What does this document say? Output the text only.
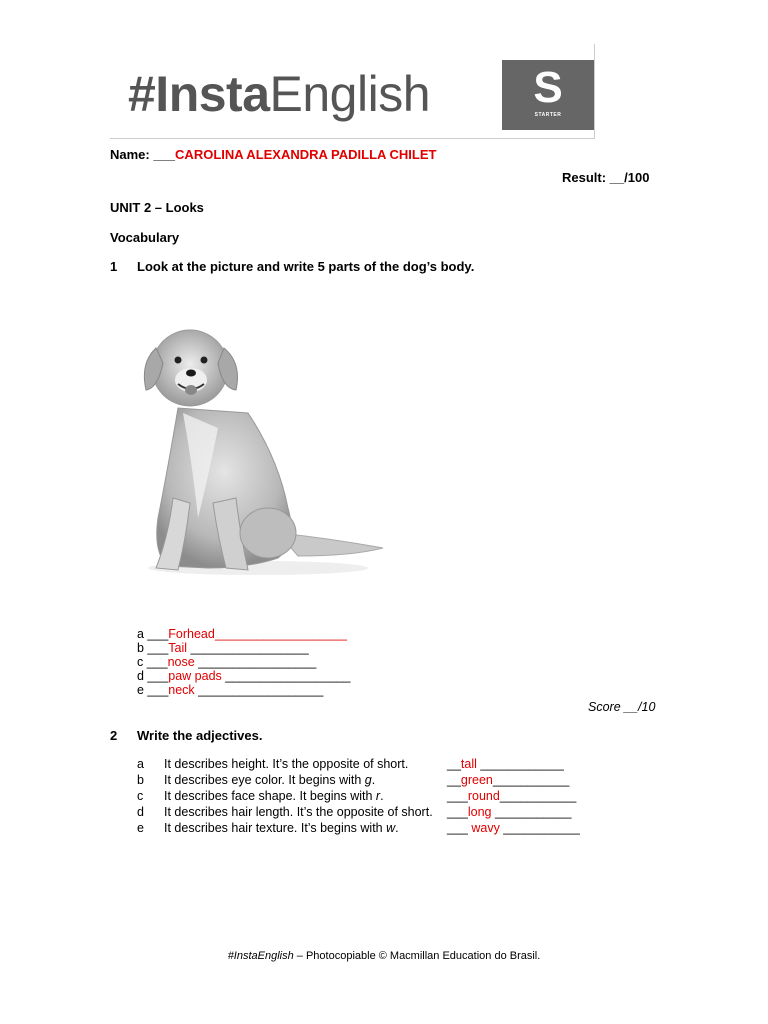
#InstaEnglish	S
STARTER
Name: ___CAROLINA ALEXANDRA PADILLA CHILET
Result: __/100
UNIT 2 – Looks
Vocabulary
1 Look at the picture and write 5 parts of the dog’s body.
a ___Forhead___________________
b ___Tail _________________
c ___nose _________________
d ___paw pads __________________
e ___neck __________________
Score __/10
2 Write the adjectives.
a It describes height. It’s the opposite of short.	__tall ____________
b It describes eye color. It begins with g.	__green___________
c It describes face shape. It begins with r.	___round___________
d It describes hair length. It’s the opposite of short. ___long ___________
e It describes hair texture. It’s begins with w.	___ wavy ___________
#InstaEnglish – Photocopiable © Macmillan Education do Brasil.
